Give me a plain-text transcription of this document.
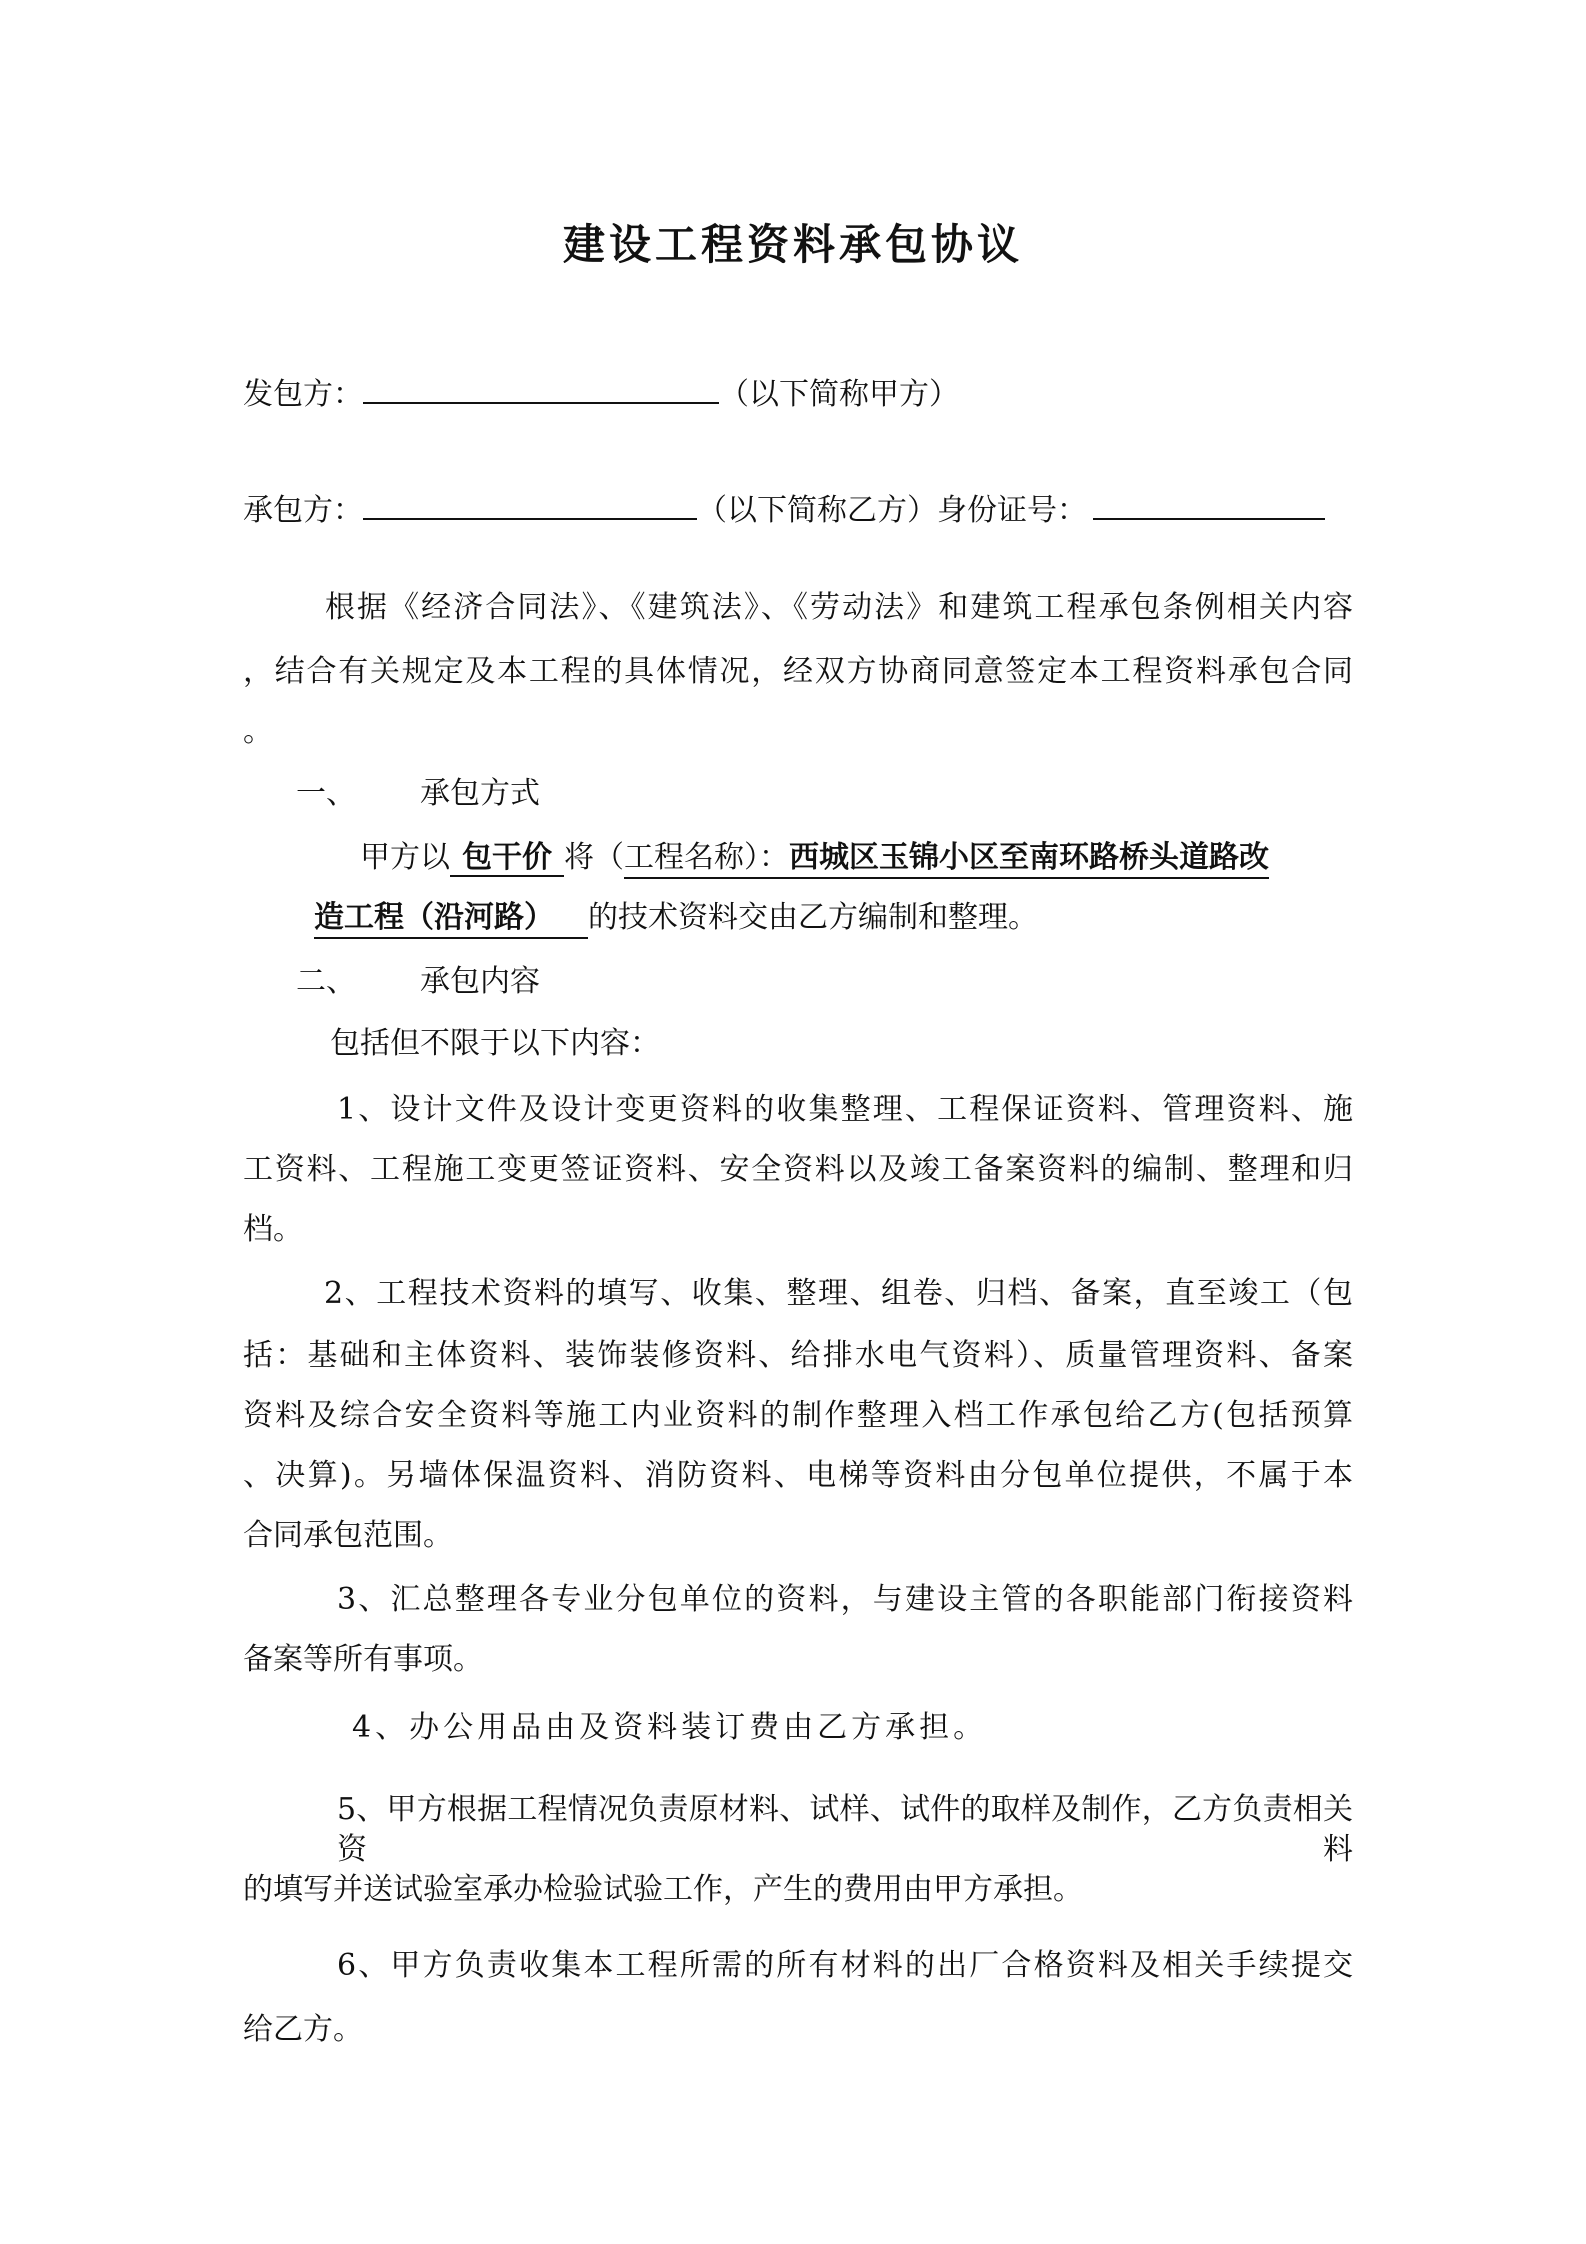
建设工程资料承包协议
发包方：	（以下简称甲方）
承包方：	（以下简称乙方）身份证号：
根据《经济合同法》、《建筑法》、《劳动法》和建筑工程承包条例相关内容
，结合有关规定及本工程的具体情况，经双方协商同意签定本工程资料承包合同
。
一、 承包方式
甲方以 包干价 将（工程名称）：西城区玉锦小区至南环路桥头道路改
造工程（沿河路） 的技术资料交由乙方编制和整理。
二、 承包内容
包括但不限于以下内容：
1、设计文件及设计变更资料的收集整理、工程保证资料、管理资料、施
工资料、工程施工变更签证资料、安全资料以及竣工备案资料的编制、整理和归
档。
2、工程技术资料的填写、收集、整理、组卷、归档、备案，直至竣工（包
括：基础和主体资料、装饰装修资料、给排水电气资料）、质量管理资料、备案
资料及综合安全资料等施工内业资料的制作整理入档工作承包给乙方(包括预算
、决算)。另墙体保温资料、消防资料、电梯等资料由分包单位提供，不属于本
合同承包范围。
3、汇总整理各专业分包单位的资料，与建设主管的各职能部门衔接资料
备案等所有事项。
4、办公用品由及资料装订费由乙方承担。
5、甲方根据工程情况负责原材料、试样、试件的取样及制作，乙方负责相关资料
的填写并送试验室承办检验试验工作，产生的费用由甲方承担。
6、甲方负责收集本工程所需的所有材料的出厂合格资料及相关手续提交
给乙方。
